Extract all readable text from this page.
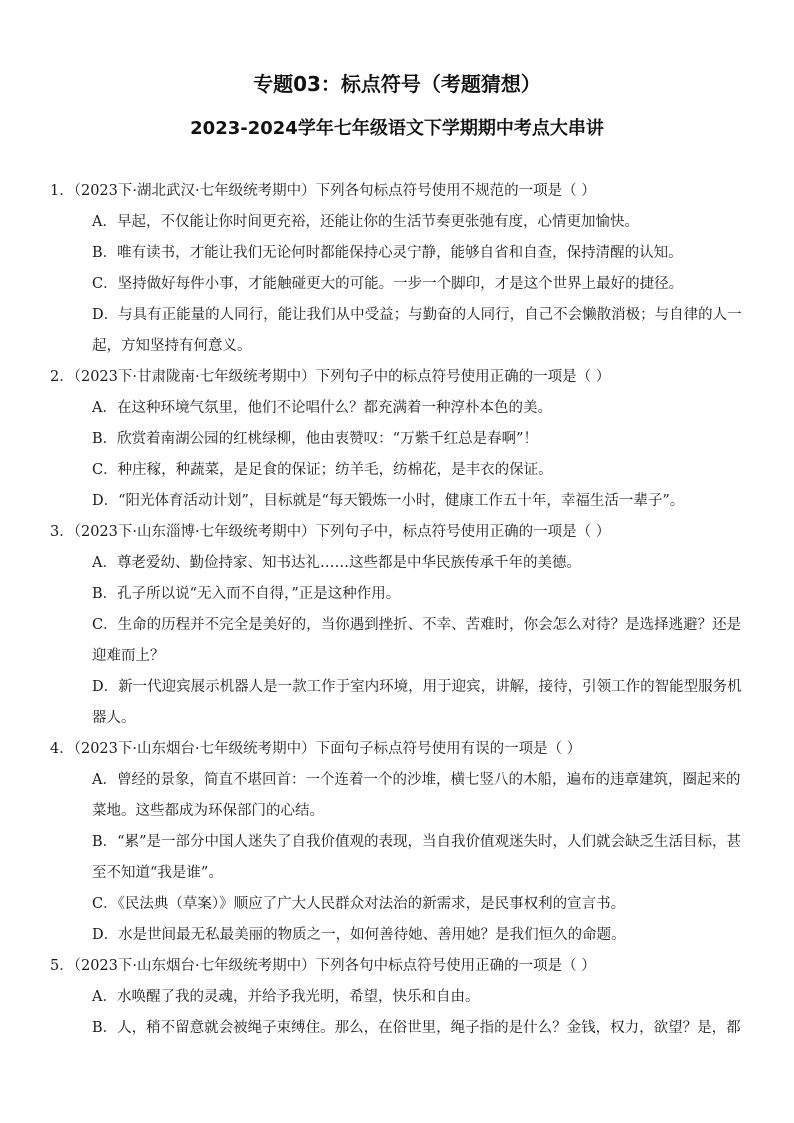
专题03：标点符号（考题猜想）
2023-2024学年七年级语文下学期期中考点大串讲
1．（2023下·湖北武汉·七年级统考期中）下列各句标点符号使用不规范的一项是（ ）
A．早起，不仅能让你时间更充裕，还能让你的生活节奏更张弛有度，心情更加愉快。
B．唯有读书，才能让我们无论何时都能保持心灵宁静，能够自省和自查，保持清醒的认知。
C．坚持做好每件小事，才能触碰更大的可能。一步一个脚印，才是这个世界上最好的捷径。
D．与具有正能量的人同行，能让我们从中受益；与勤奋的人同行，自己不会懒散消极；与自律的人一
起，方知坚持有何意义。
2．（2023下·甘肃陇南·七年级统考期中）下列句子中的标点符号使用正确的一项是（ ）
A．在这种环境气氛里，他们不论唱什么？都充满着一种淳朴本色的美。
B．欣赏着南湖公园的红桃绿柳，他由衷赞叹：“万紫千红总是春啊”！
C．种庄稼，种蔬菜，是足食的保证；纺羊毛，纺棉花，是丰衣的保证。
D．“阳光体育活动计划”，目标就是“每天锻炼一小时，健康工作五十年，幸福生活一辈子”。
3．（2023下·山东淄博·七年级统考期中）下列句子中，标点符号使用正确的一项是（ ）
A．尊老爱幼、勤俭持家、知书达礼……这些都是中华民族传承千年的美德。
B．孔子所以说“无入而不自得，”正是这种作用。
C．生命的历程并不完全是美好的，当你遇到挫折、不幸、苦难时，你会怎么对待？是选择逃避？还是
迎难而上？
D．新一代迎宾展示机器人是一款工作于室内环境，用于迎宾，讲解，接待，引领工作的智能型服务机
器人。
4．（2023下·山东烟台·七年级统考期中）下面句子标点符号使用有误的一项是（ ）
A．曾经的景象，简直不堪回首：一个连着一个的沙堆，横七竖八的木船，遍布的违章建筑，圈起来的
菜地。这些都成为环保部门的心结。
B．“累”是一部分中国人迷失了自我价值观的表现，当自我价值观迷失时，人们就会缺乏生活目标，甚
至不知道“我是谁”。
C．《民法典（草案）》顺应了广大人民群众对法治的新需求，是民事权利的宣言书。
D．水是世间最无私最美丽的物质之一，如何善待她、善用她？是我们恒久的命题。
5．（2023下·山东烟台·七年级统考期中）下列各句中标点符号使用正确的一项是（ ）
A．水唤醒了我的灵魂，并给予我光明，希望，快乐和自由。
B．人，稍不留意就会被绳子束缚住。那么，在俗世里，绳子指的是什么？金钱，权力，欲望？是，都
